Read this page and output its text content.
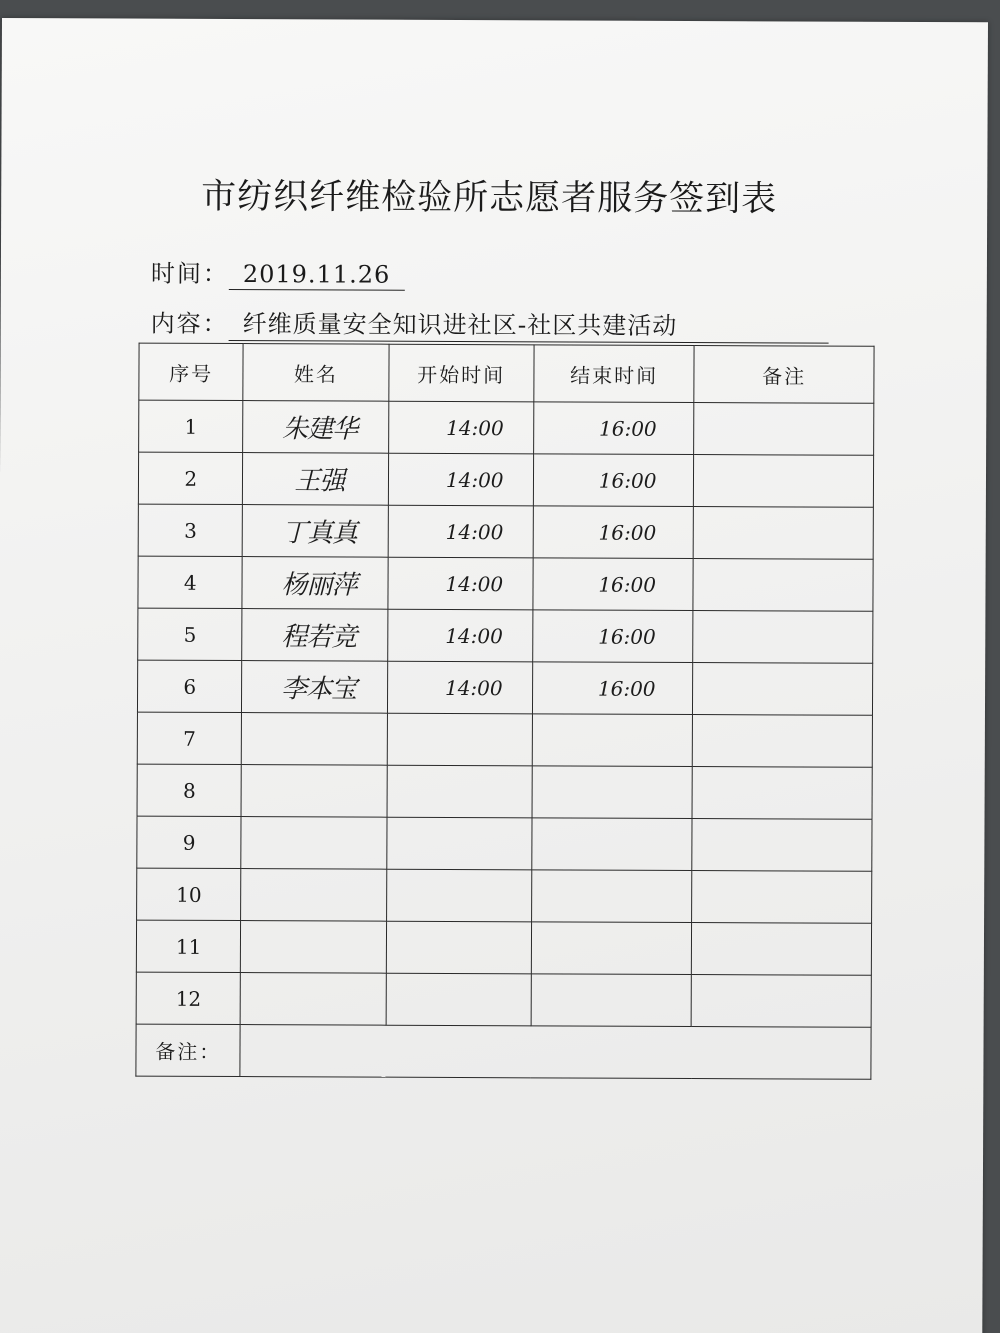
市纺织纤维检验所志愿者服务签到表
时间： 2019.11.26
内容： 纤维质量安全知识进社区-社区共建活动
序号	姓名	开始时间	结束时间	备注
1	朱建华	14:00	16:00	
2	王强	14:00	16:00	
3	丁真真	14:00	16:00	
4	杨丽萍	14:00	16:00	
5	程若竞	14:00	16:00	
6	李本宝	14:00	16:00	
7				
8				
9				
10				
11				
12				
备注：				
